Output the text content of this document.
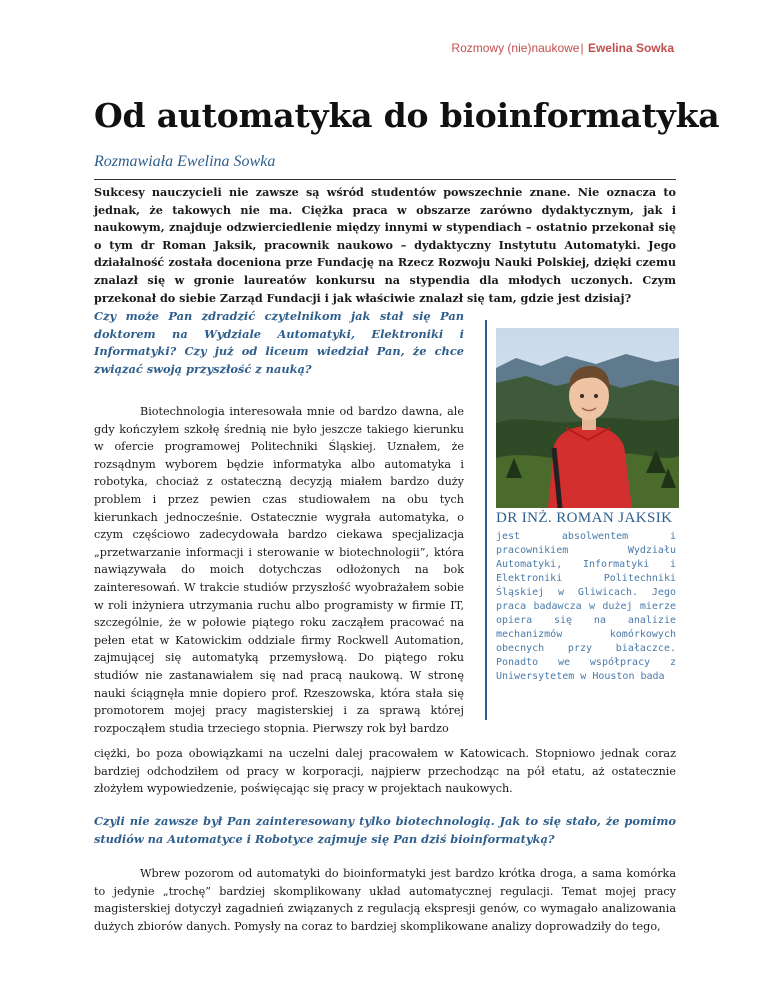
Rozmowy (nie)naukowe| Ewelina Sowka
Od automatyka do bioinformatyka

Rozmawiała Ewelina Sowka

Sukcesy nauczycieli nie zawsze są wśród studentów powszechnie znane. Nie oznacza to jednak, że takowych nie ma. Ciężka praca w obszarze zarówno dydaktycznym, jak i naukowym, znajduje odzwierciedlenie między innymi w stypendiach – ostatnio przekonał się o tym dr Roman Jaksik, pracownik naukowo – dydaktyczny Instytutu Automatyki. Jego działalność została doceniona prze Fundację na Rzecz Rozwoju Nauki Polskiej, dzięki czemu znalazł się w gronie laureatów konkursu na stypendia dla młodych uczonych. Czym przekonał do siebie Zarząd Fundacji i jak właściwie znalazł się tam, gdzie jest dzisiaj?

Czy może Pan zdradzić czytelnikom jak stał się Pan doktorem na Wydziale Automatyki, Elektroniki i Informatyki? Czy już od liceum wiedział Pan, że chce związać swoją przyszłość z nauką?

DR INŻ. ROMAN JAKSIK

jest absolwentem i pracownikiem Wydziału Automatyki, Informatyki i Elektroniki Politechniki Śląskiej w Gliwicach. Jego praca badawcza w dużej mierze opiera się na analizie mechanizmów komórkowych obecnych przy białaczce. Ponadto we współpracy z Uniwersytetem w Houston bada

Biotechnologia interesowała mnie od bardzo dawna, ale gdy kończyłem szkołę średnią nie było jeszcze takiego kierunku w ofercie programowej Politechniki Śląskiej. Uznałem, że rozsądnym wyborem będzie informatyka albo automatyka i robotyka, chociaż z ostateczną decyzją miałem bardzo duży problem i przez pewien czas studiowałem na obu tych kierunkach jednocześnie. Ostatecznie wygrała automatyka, o czym częściowo zadecydowała bardzo ciekawa specjalizacja „przetwarzanie informacji i sterowanie w biotechnologii”, która nawiązywała do moich dotychczas odłożonych na bok zainteresowań. W trakcie studiów przyszłość wyobrażałem sobie w roli inżyniera utrzymania ruchu albo programisty w firmie IT, szczególnie, że w połowie piątego roku zacząłem pracować na pełen etat w Katowickim oddziale firmy Rockwell Automation, zajmującej się automatyką przemysłową. Do piątego roku studiów nie zastanawiałem się nad pracą naukową. W stronę nauki ściągnęła mnie dopiero prof. Rzeszowska, która stała się promotorem mojej pracy magisterskiej i za sprawą której rozpocząłem studia trzeciego stopnia. Pierwszy rok był bardzo

ciężki, bo poza obowiązkami na uczelni dalej pracowałem w Katowicach. Stopniowo jednak coraz bardziej odchodziłem od pracy w korporacji, najpierw przechodząc na pół etatu, aż ostatecznie złożyłem wypowiedzenie, poświęcając się pracy w projektach naukowych.

Czyli nie zawsze był Pan zainteresowany tylko biotechnologią. Jak to się stało, że pomimo studiów na Automatyce i Robotyce zajmuje się Pan dziś bioinformatyką?

Wbrew pozorom od automatyki do bioinformatyki jest bardzo krótka droga, a sama komórka to jedynie „trochę” bardziej skomplikowany układ automatycznej regulacji. Temat mojej pracy magisterskiej dotyczył zagadnień związanych z regulacją ekspresji genów, co wymagało analizowania dużych zbiorów danych. Pomysły na coraz to bardziej skomplikowane analizy doprowadziły do tego,
